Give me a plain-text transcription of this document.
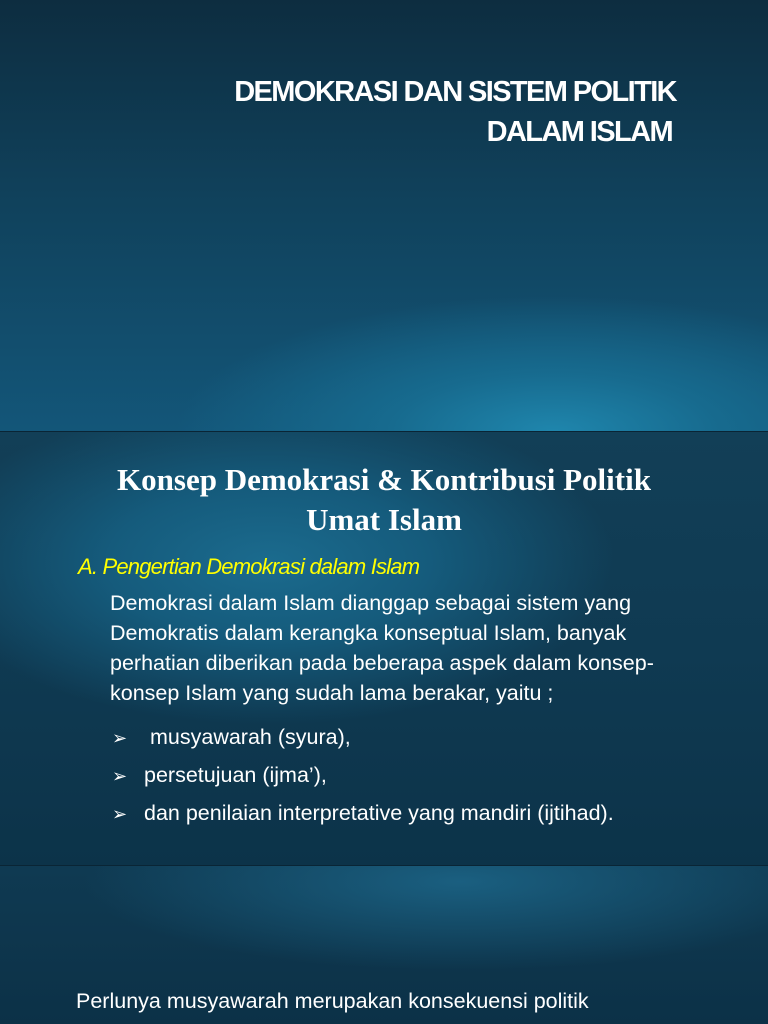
DEMOKRASI DAN SISTEM POLITIK
DALAM ISLAM
Konsep Demokrasi & Kontribusi Politik
Umat Islam
A. Pengertian Demokrasi dalam Islam
Demokrasi dalam Islam dianggap sebagai sistem yang
Demokratis dalam kerangka konseptual Islam, banyak
perhatian diberikan pada beberapa aspek dalam konsep-
konsep Islam yang sudah lama berakar, yaitu ;
➢ musyawarah (syura),
➢ persetujuan (ijma’),
➢ dan penilaian interpretative yang mandiri (ijtihad).
Perlunya musyawarah merupakan konsekuensi politik
